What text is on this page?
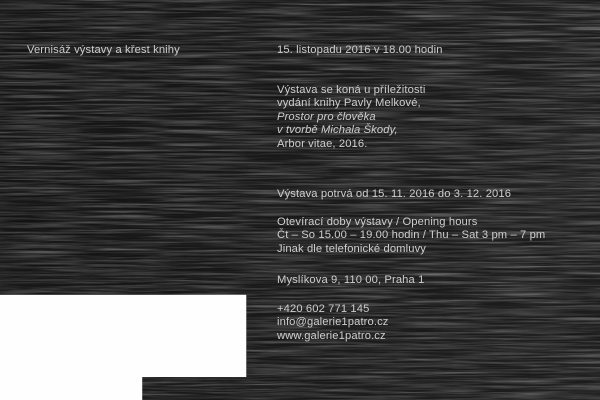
Vernisáž výstavy a křest knihy	15. listopadu 2016 v 18.00 hodin
Výstava se koná u příležitosti
vydání knihy Pavly Melkové,
Prostor pro člověka
v tvorbě Michala Škody,
Arbor vitae, 2016.
Výstava potrvá od 15. 11. 2016 do 3. 12. 2016
Otevírací doby výstavy / Opening hours
Čt – So 15.00 – 19.00 hodin / Thu – Sat 3 pm – 7 pm
Jinak dle telefonické domluvy
Myslíkova 9, 110 00, Praha 1
+420 602 771 145
info@galerie1patro.cz
www.galerie1patro.cz
